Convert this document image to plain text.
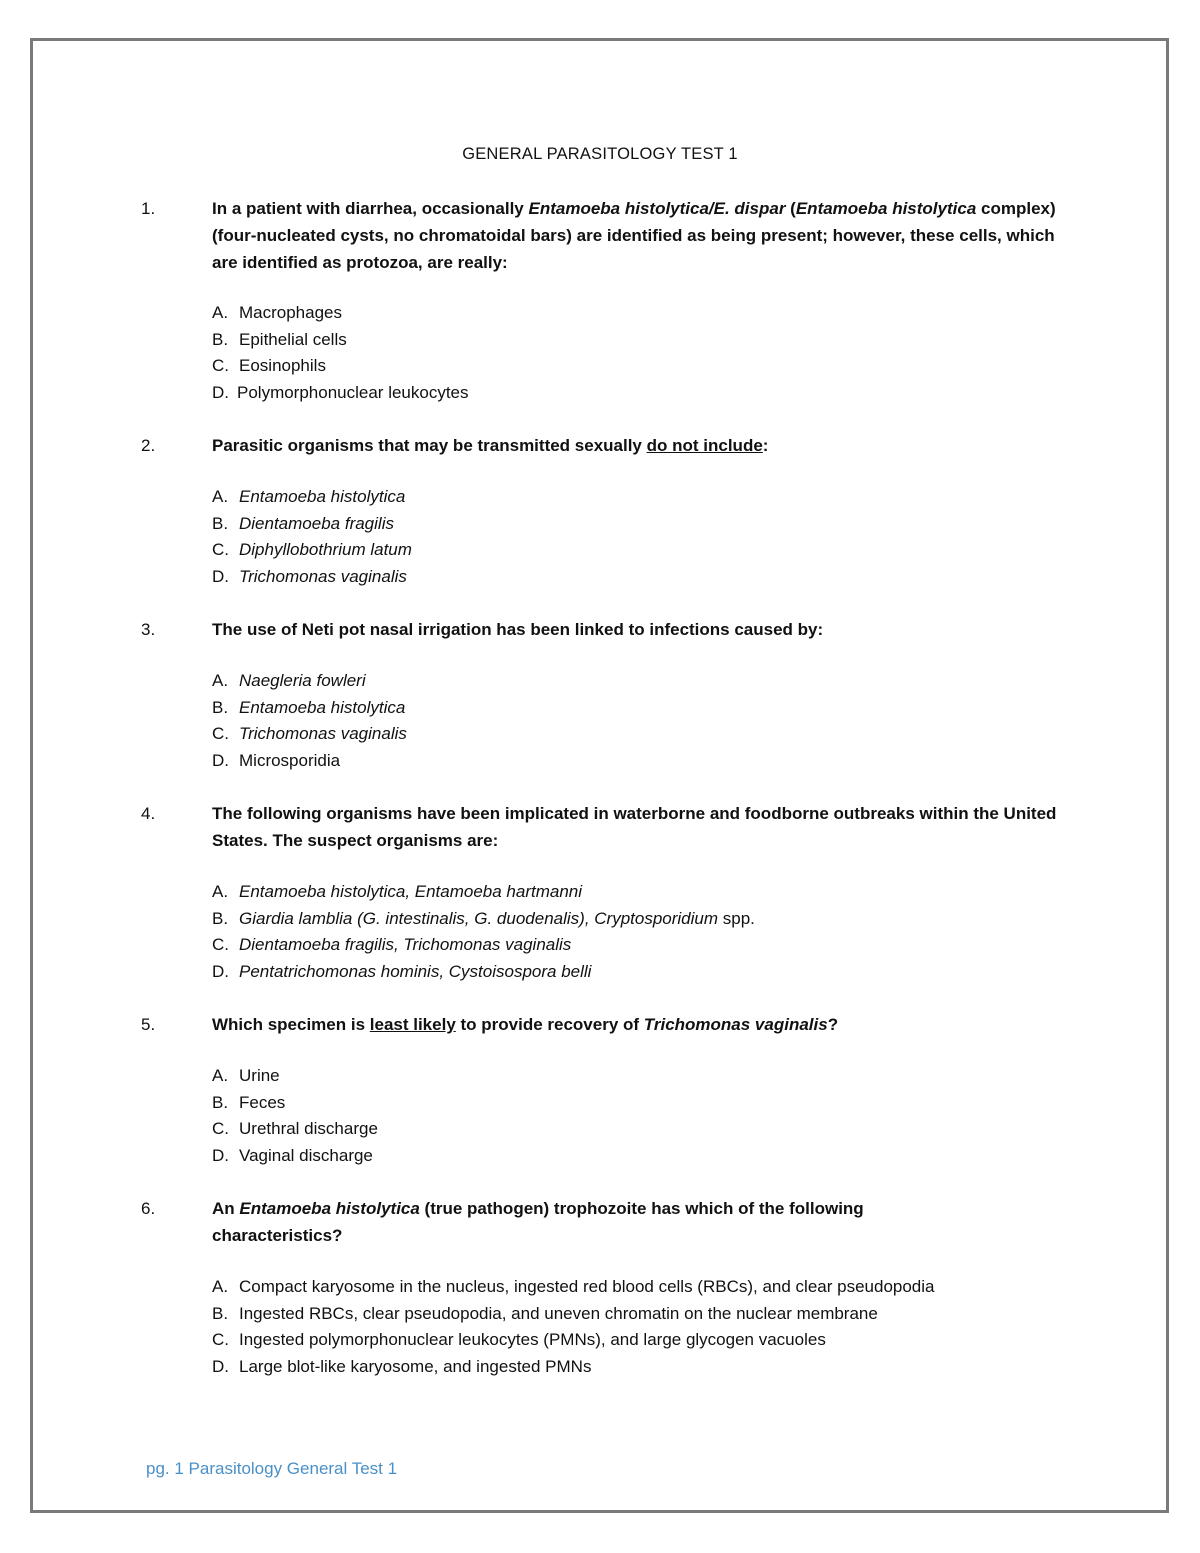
GENERAL PARASITOLOGY TEST 1
1.	In a patient with diarrhea, occasionally Entamoeba histolytica/E. dispar (Entamoeba histolytica complex) (four-nucleated cysts, no chromatoidal bars) are identified as being present; however, these cells, which are identified as protozoa, are really:
A. Macrophages
B. Epithelial cells
C. Eosinophils
D. Polymorphonuclear leukocytes
2.	Parasitic organisms that may be transmitted sexually do not include:
A. Entamoeba histolytica
B. Dientamoeba fragilis
C. Diphyllobothrium latum
D. Trichomonas vaginalis
3.	The use of Neti pot nasal irrigation has been linked to infections caused by:
A. Naegleria fowleri
B. Entamoeba histolytica
C. Trichomonas vaginalis
D. Microsporidia
4.	The following organisms have been implicated in waterborne and foodborne outbreaks within the United States. The suspect organisms are:
A. Entamoeba histolytica, Entamoeba hartmanni
B. Giardia lamblia (G. intestinalis, G. duodenalis), Cryptosporidium spp.
C. Dientamoeba fragilis, Trichomonas vaginalis
D. Pentatrichomonas hominis, Cystoisospora belli
5.	Which specimen is least likely to provide recovery of Trichomonas vaginalis?
A. Urine
B. Feces
C. Urethral discharge
D. Vaginal discharge
6.	An Entamoeba histolytica (true pathogen) trophozoite has which of the following characteristics?
A. Compact karyosome in the nucleus, ingested red blood cells (RBCs), and clear pseudopodia
B. Ingested RBCs, clear pseudopodia, and uneven chromatin on the nuclear membrane
C. Ingested polymorphonuclear leukocytes (PMNs), and large glycogen vacuoles
D. Large blot-like karyosome, and ingested PMNs
pg. 1 Parasitology General Test 1
